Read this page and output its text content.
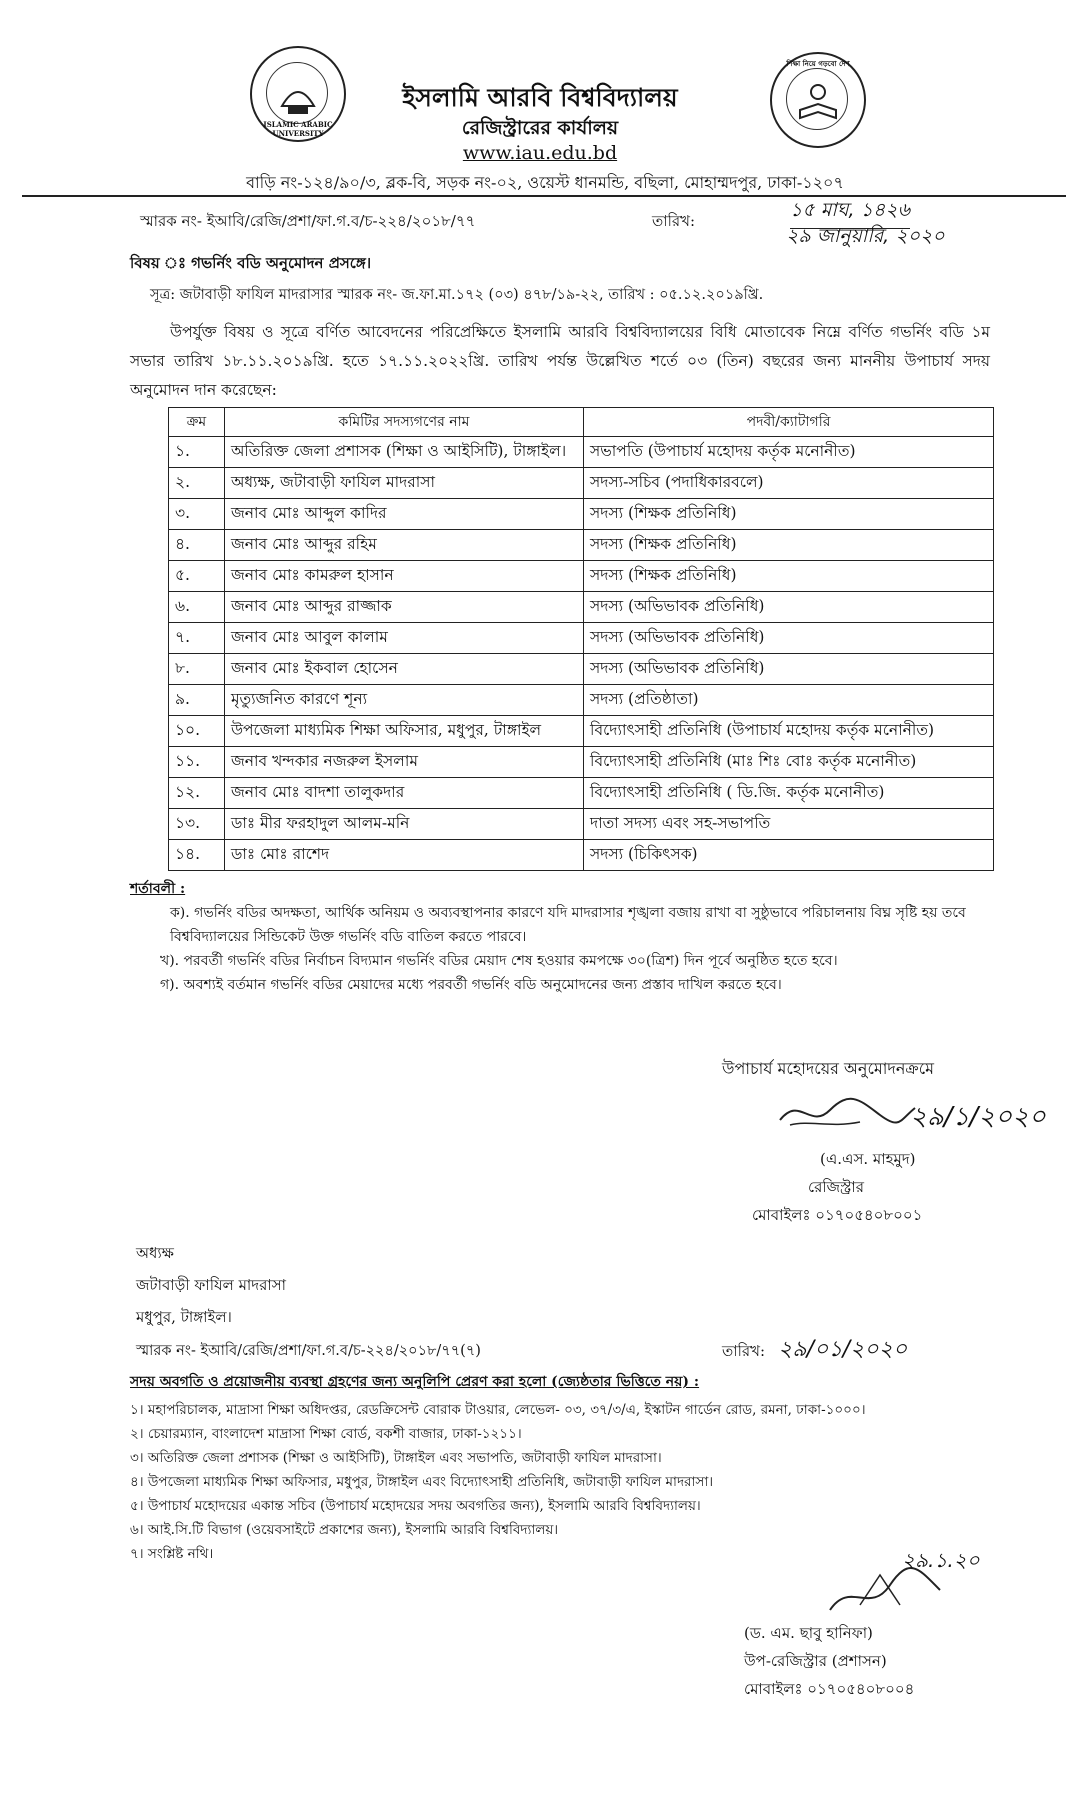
ISLAMIC ARABIC UNIVERSITY
শিক্ষা নিয়ে গড়বো দেশ
ইসলামি আরবি বিশ্ববিদ্যালয়
রেজিস্ট্রারের কার্যালয়
www.iau.edu.bd
বাড়ি নং-১২৪/৯০/৩, ব্লক-বি, সড়ক নং-০২, ওয়েস্ট ধানমন্ডি, বছিলা, মোহাম্মদপুর, ঢাকা-১২০৭
স্মারক নং- ইআবি/রেজি/প্রশা/ফা.গ.ব/চ-২২৪/২০১৮/৭৭	তারিখ:	১৫ মাঘ, ১৪২৬
২৯ জানুয়ারি, ২০২০
বিষয় ঃ গভর্নিং বডি অনুমোদন প্রসঙ্গে।
সূত্র: জটাবাড়ী ফাযিল মাদরাসার স্মারক নং- জ.ফা.মা.১৭২ (০৩) ৪৭৮/১৯-২২, তারিখ : ০৫.১২.২০১৯খ্রি.
উপর্যুক্ত বিষয় ও সূত্রে বর্ণিত আবেদনের পরিপ্রেক্ষিতে ইসলামি আরবি বিশ্ববিদ্যালয়ের বিধি মোতাবেক নিম্নে বর্ণিত গভর্নিং বডি ১ম সভার তারিখ ১৮.১১.২০১৯খ্রি. হতে ১৭.১১.২০২২খ্রি. তারিখ পর্যন্ত উল্লেখিত শর্তে ০৩ (তিন) বছরের জন্য মাননীয় উপাচার্য সদয় অনুমোদন দান করেছেন:
ক্রম	কমিটির সদস্যগণের নাম	পদবী/ক্যাটাগরি
১.	অতিরিক্ত জেলা প্রশাসক (শিক্ষা ও আইসিটি), টাঙ্গাইল।	সভাপতি (উপাচার্য মহোদয় কর্তৃক মনোনীত)
২.	অধ্যক্ষ, জটাবাড়ী ফাযিল মাদরাসা	সদস্য-সচিব (পদাধিকারবলে)
৩.	জনাব মোঃ আব্দুল কাদির	সদস্য (শিক্ষক প্রতিনিধি)
৪.	জনাব মোঃ আব্দুর রহিম	সদস্য (শিক্ষক প্রতিনিধি)
৫.	জনাব মোঃ কামরুল হাসান	সদস্য (শিক্ষক প্রতিনিধি)
৬.	জনাব মোঃ আব্দুর রাজ্জাক	সদস্য (অভিভাবক প্রতিনিধি)
৭.	জনাব মোঃ আবুল কালাম	সদস্য (অভিভাবক প্রতিনিধি)
৮.	জনাব মোঃ ইকবাল হোসেন	সদস্য (অভিভাবক প্রতিনিধি)
৯.	মৃত্যুজনিত কারণে শূন্য	সদস্য (প্রতিষ্ঠাতা)
১০.	উপজেলা মাধ্যমিক শিক্ষা অফিসার, মধুপুর, টাঙ্গাইল	বিদ্যোৎসাহী প্রতিনিধি (উপাচার্য মহোদয় কর্তৃক মনোনীত)
১১.	জনাব খন্দকার নজরুল ইসলাম	বিদ্যোৎসাহী প্রতিনিধি (মাঃ শিঃ বোঃ কর্তৃক মনোনীত)
১২.	জনাব মোঃ বাদশা তালুকদার	বিদ্যোৎসাহী প্রতিনিধি ( ডি.জি. কর্তৃক মনোনীত)
১৩.	ডাঃ মীর ফরহাদুল আলম-মনি	দাতা সদস্য এবং সহ-সভাপতি
১৪.	ডাঃ মোঃ রাশেদ	সদস্য (চিকিৎসক)
শর্তাবলী :
ক). গভর্নিং বডির অদক্ষতা, আর্থিক অনিয়ম ও অব্যবস্থাপনার কারণে যদি মাদরাসার শৃঙ্খলা বজায় রাখা বা সুষ্ঠুভাবে পরিচালনায় বিঘ্ন সৃষ্টি হয় তবে বিশ্ববিদ্যালয়ের সিন্ডিকেট উক্ত গভর্নিং বডি বাতিল করতে পারবে।
খ). পরবর্তী গভর্নিং বডির নির্বাচন বিদ্যমান গভর্নিং বডির মেয়াদ শেষ হওয়ার কমপক্ষে ৩০(ত্রিশ) দিন পূর্বে অনুষ্ঠিত হতে হবে।
গ). অবশ্যই বর্তমান গভর্নিং বডির মেয়াদের মধ্যে পরবর্তী গভর্নিং বডি অনুমোদনের জন্য প্রস্তাব দাখিল করতে হবে।
উপাচার্য মহোদয়ের অনুমোদনক্রমে
২৯/১/২০২০
(এ.এস. মাহমুদ)
রেজিস্ট্রার
মোবাইলঃ ০১৭০৫৪০৮০০১
অধ্যক্ষ
জটাবাড়ী ফাযিল মাদরাসা
মধুপুর, টাঙ্গাইল।
স্মারক নং- ইআবি/রেজি/প্রশা/ফা.গ.ব/চ-২২৪/২০১৮/৭৭(৭)	তারিখ: ২৯/০১/২০২০
সদয় অবগতি ও প্রয়োজনীয় ব্যবস্থা গ্রহণের জন্য অনুলিপি প্রেরণ করা হলো (জ্যেষ্ঠতার ভিত্তিতে নয়) :
১। মহাপরিচালক, মাদ্রাসা শিক্ষা অধিদপ্তর, রেডক্রিসেন্ট বোরাক টাওয়ার, লেভেল- ০৩, ৩৭/৩/এ, ইস্কাটন গার্ডেন রোড, রমনা, ঢাকা-১০০০।
২। চেয়ারম্যান, বাংলাদেশ মাদ্রাসা শিক্ষা বোর্ড, বকশী বাজার, ঢাকা-১২১১।
৩। অতিরিক্ত জেলা প্রশাসক (শিক্ষা ও আইসিটি), টাঙ্গাইল এবং সভাপতি, জটাবাড়ী ফাযিল মাদরাসা।
৪। উপজেলা মাধ্যমিক শিক্ষা অফিসার, মধুপুর, টাঙ্গাইল এবং বিদ্যোৎসাহী প্রতিনিধি, জটাবাড়ী ফাযিল মাদরাসা।
৫। উপাচার্য মহোদয়ের একান্ত সচিব (উপাচার্য মহোদয়ের সদয় অবগতির জন্য), ইসলামি আরবি বিশ্ববিদ্যালয়।
৬। আই.সি.টি বিভাগ (ওয়েবসাইটে প্রকাশের জন্য), ইসলামি আরবি বিশ্ববিদ্যালয়।
৭। সংশ্লিষ্ট নথি।	২৯.১.২০
(ড. এম. ছাবু হানিফা)
উপ-রেজিস্ট্রার (প্রশাসন)
মোবাইলঃ ০১৭০৫৪০৮০০৪
